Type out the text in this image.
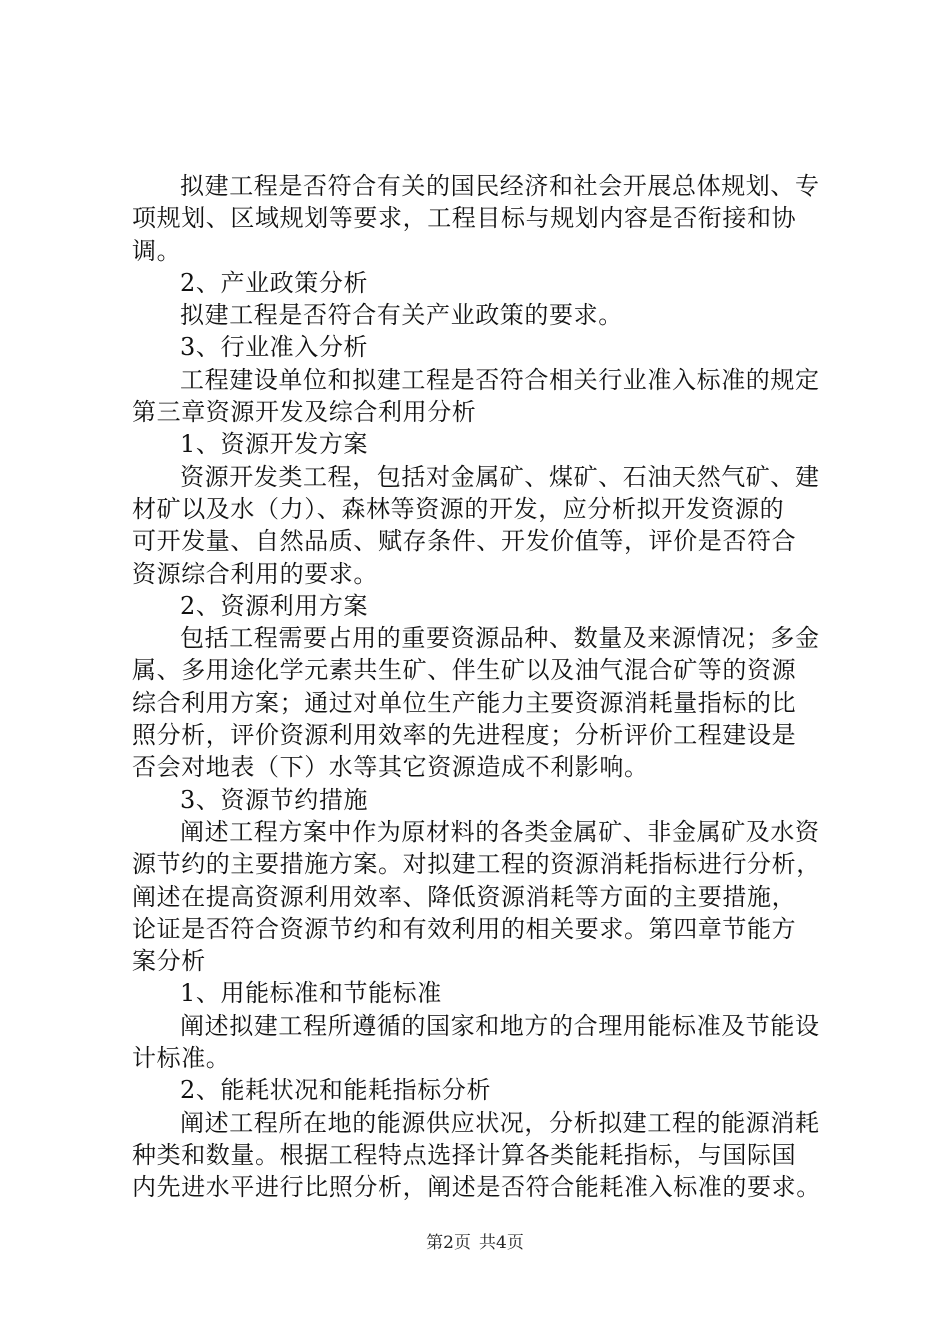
拟建工程是否符合有关的国民经济和社会开展总体规划、专
项规划、区域规划等要求，工程目标与规划内容是否衔接和协
调。
2、产业政策分析
拟建工程是否符合有关产业政策的要求。
3、行业准入分析
工程建设单位和拟建工程是否符合相关行业准入标准的规定
第三章资源开发及综合利用分析
1、资源开发方案
资源开发类工程，包括对金属矿、煤矿、石油天然气矿、建
材矿以及水（力）、森林等资源的开发，应分析拟开发资源的
可开发量、自然品质、赋存条件、开发价值等，评价是否符合
资源综合利用的要求。
2、资源利用方案
包括工程需要占用的重要资源品种、数量及来源情况；多金
属、多用途化学元素共生矿、伴生矿以及油气混合矿等的资源
综合利用方案；通过对单位生产能力主要资源消耗量指标的比
照分析，评价资源利用效率的先进程度；分析评价工程建设是
否会对地表（下）水等其它资源造成不利影响。
3、资源节约措施
阐述工程方案中作为原材料的各类金属矿、非金属矿及水资
源节约的主要措施方案。对拟建工程的资源消耗指标进行分析，
阐述在提高资源利用效率、降低资源消耗等方面的主要措施，
论证是否符合资源节约和有效利用的相关要求。第四章节能方
案分析
1、用能标准和节能标准
阐述拟建工程所遵循的国家和地方的合理用能标准及节能设
计标准。
2、能耗状况和能耗指标分析
阐述工程所在地的能源供应状况，分析拟建工程的能源消耗
种类和数量。根据工程特点选择计算各类能耗指标，与国际国
内先进水平进行比照分析，阐述是否符合能耗准入标准的要求。
第2页 共4页
